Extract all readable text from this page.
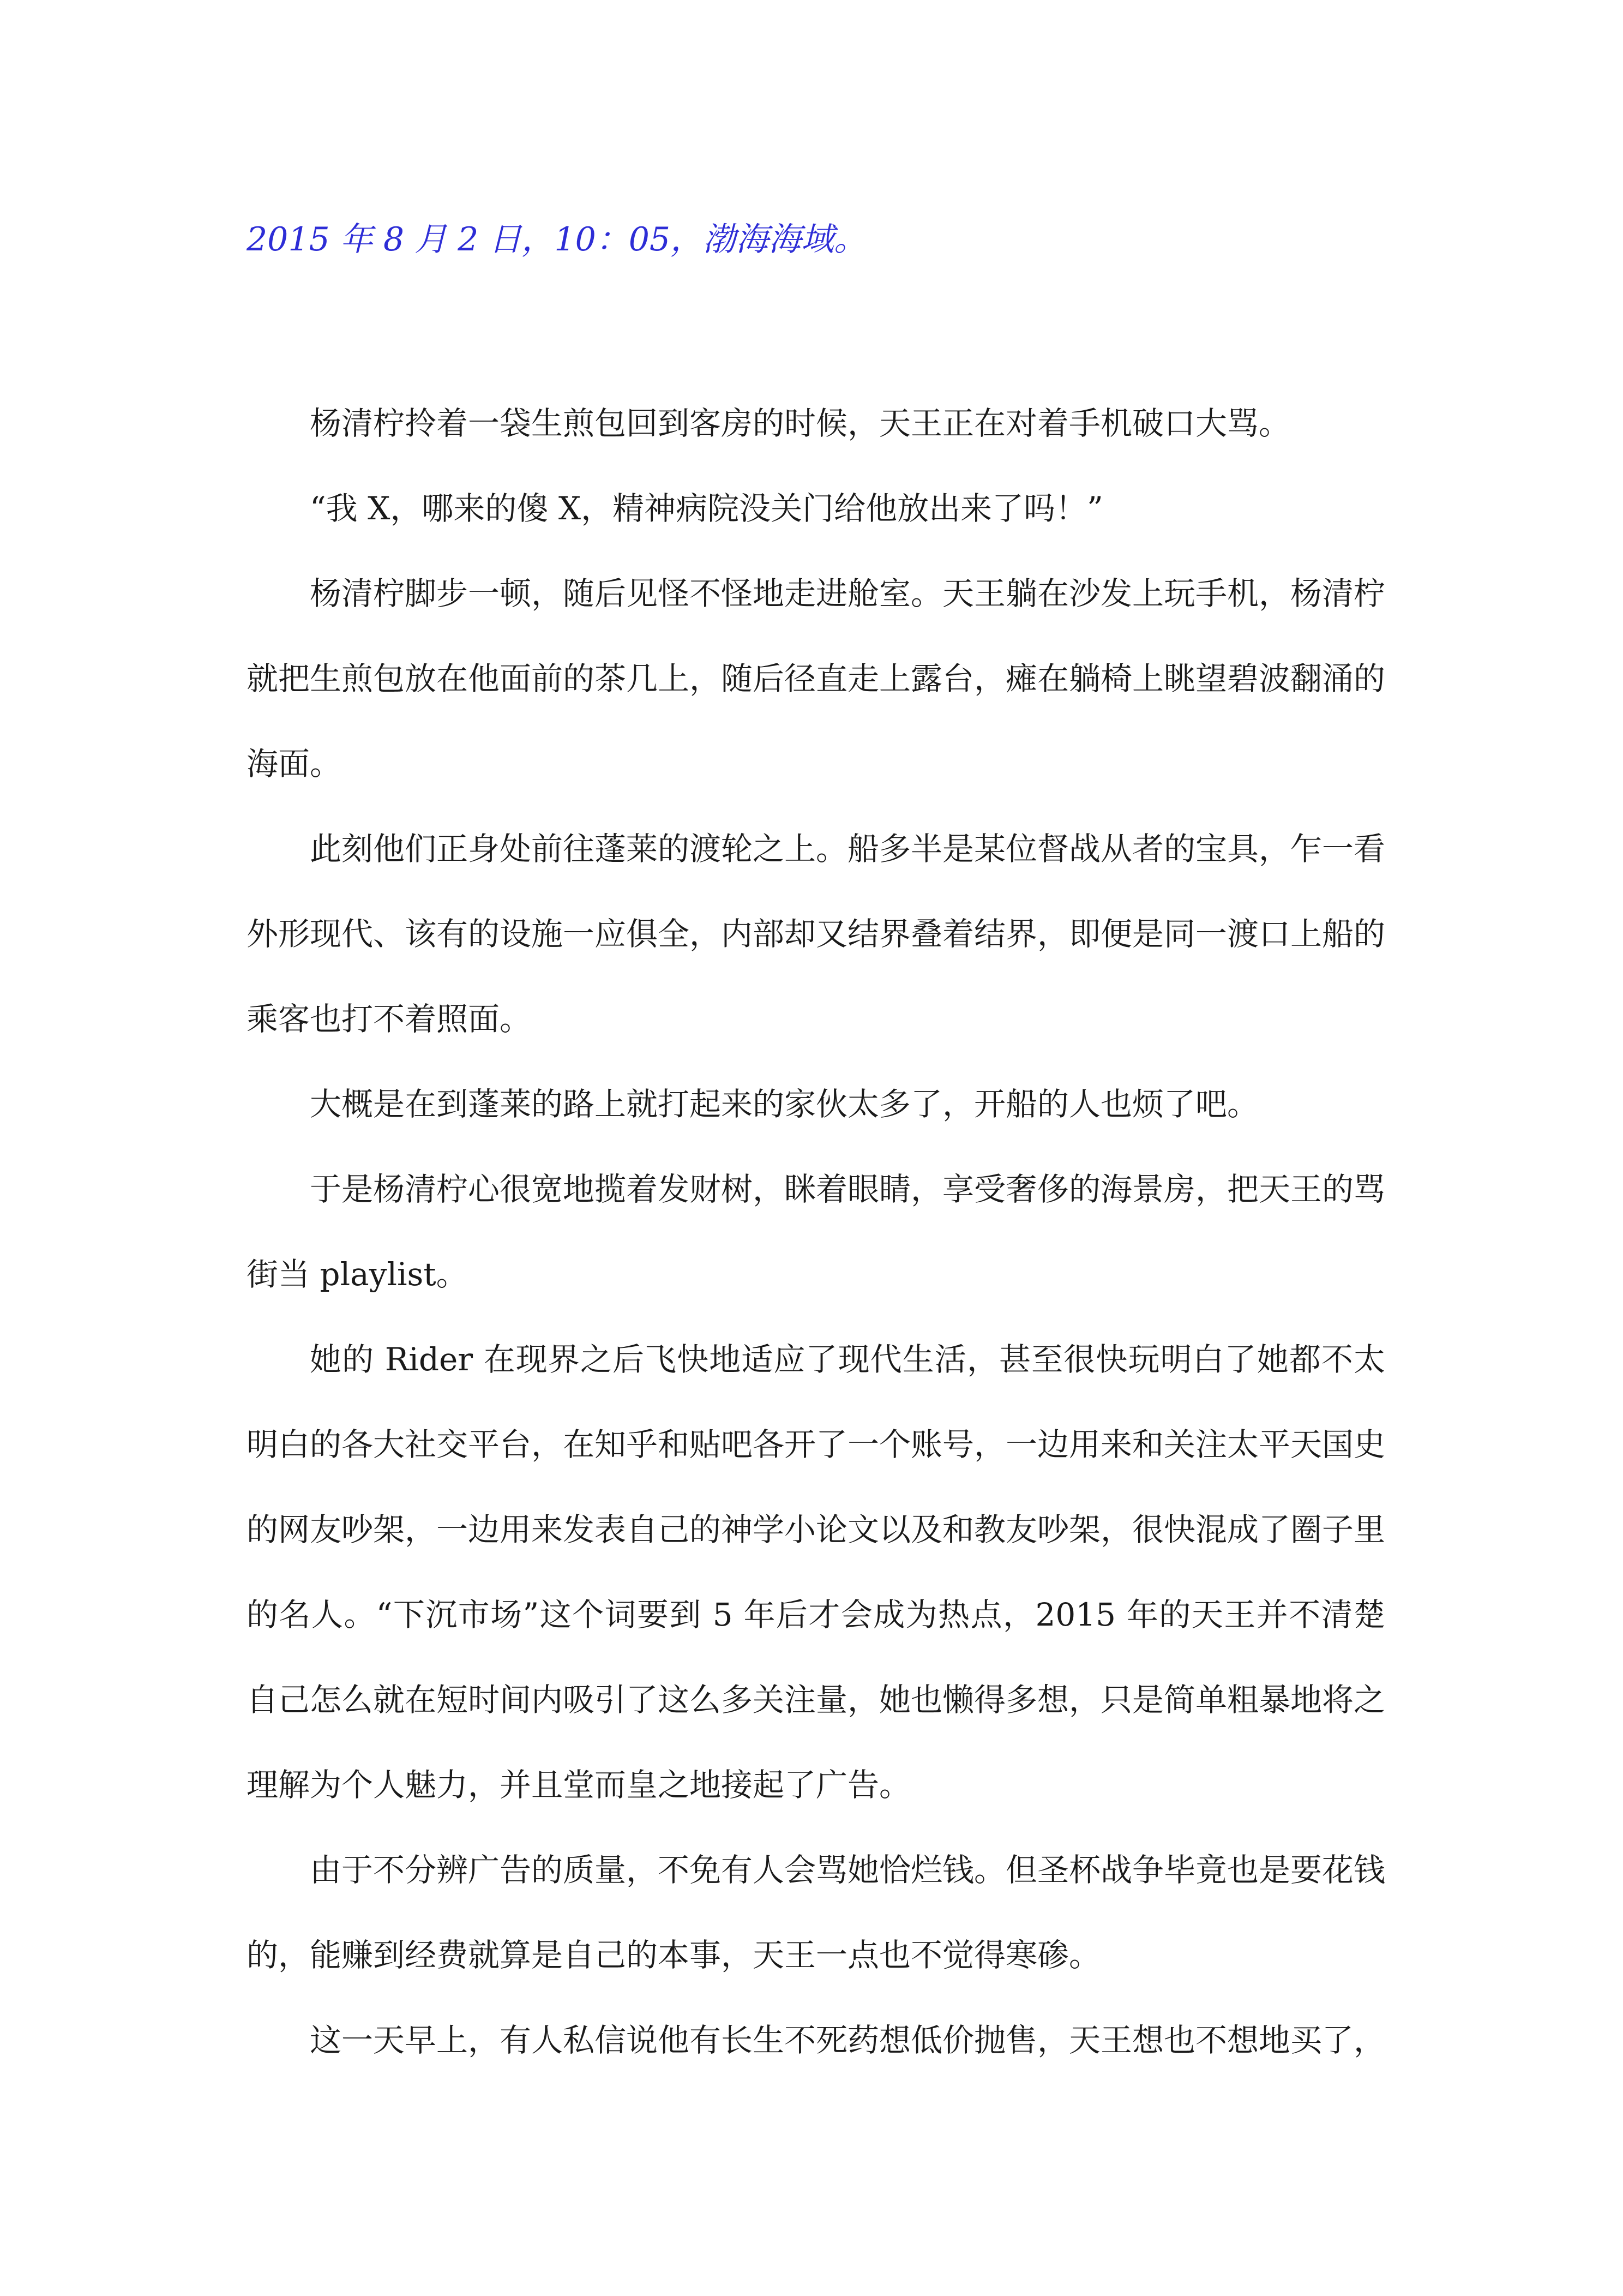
2015 年 8 月 2 日，10：05，渤海海域。

杨清柠拎着一袋生煎包回到客房的时候，天王正在对着手机破口大骂。

“我 X，哪来的傻 X，精神病院没关门给他放出来了吗！”

杨清柠脚步一顿，随后见怪不怪地走进舱室。天王躺在沙发上玩手机，杨清柠就把生煎包放在他面前的茶几上，随后径直走上露台，瘫在躺椅上眺望碧波翻涌的海面。

此刻他们正身处前往蓬莱的渡轮之上。船多半是某位督战从者的宝具，乍一看外形现代、该有的设施一应俱全，内部却又结界叠着结界，即便是同一渡口上船的乘客也打不着照面。

大概是在到蓬莱的路上就打起来的家伙太多了，开船的人也烦了吧。

于是杨清柠心很宽地揽着发财树，眯着眼睛，享受奢侈的海景房，把天王的骂街当 playlist。

她的 Rider 在现界之后飞快地适应了现代生活，甚至很快玩明白了她都不太明白的各大社交平台，在知乎和贴吧各开了一个账号，一边用来和关注太平天国史的网友吵架，一边用来发表自己的神学小论文以及和教友吵架，很快混成了圈子里的名人。“下沉市场”这个词要到 5 年后才会成为热点，2015 年的天王并不清楚自己怎么就在短时间内吸引了这么多关注量，她也懒得多想，只是简单粗暴地将之理解为个人魅力，并且堂而皇之地接起了广告。

由于不分辨广告的质量，不免有人会骂她恰烂钱。但圣杯战争毕竟也是要花钱的，能赚到经费就算是自己的本事，天王一点也不觉得寒碜。

这一天早上，有人私信说他有长生不死药想低价抛售，天王想也不想地买了，
